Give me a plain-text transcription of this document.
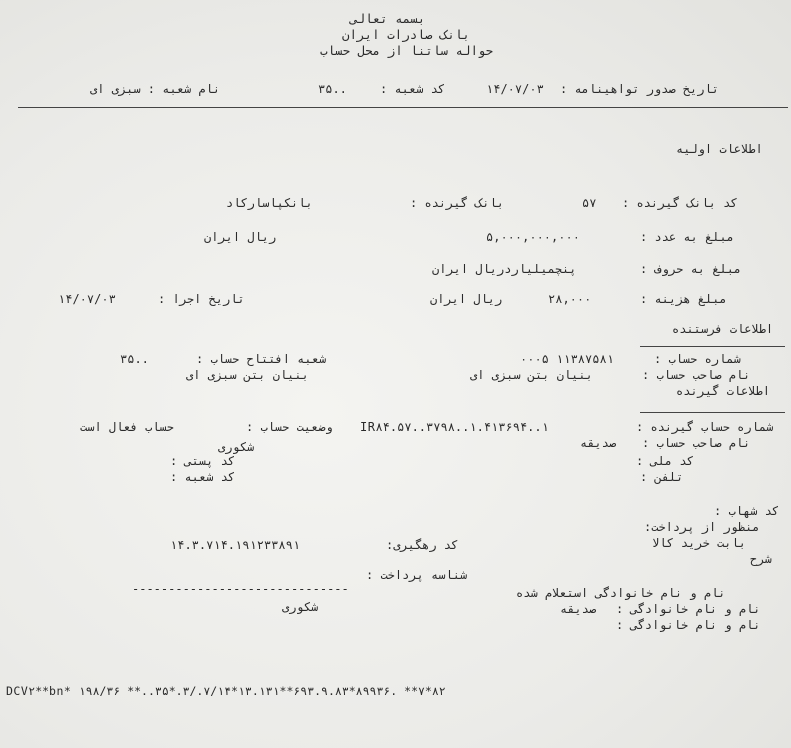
بسمه تعالی
بانک صادرات ایران
حواله ساتنا از محل حساب
تاریخ صدور تواهینامه :
۱۴/۰۷/۰۳
کد شعبه :
۳۵..
نام شعبه : سبزی ای
اطلاعات اولیه
کد بانک گیرنده :
۵۷
بانک گیرنده :
بانکپاسارکاد
مبلغ به عدد :
۵,۰۰۰,۰۰۰,۰۰۰
ریال ایران
مبلغ به حروف :
پنچمیلیاردریال ایران
مبلغ هزینه :
۲۸,۰۰۰
ریال ایران
تاریخ اجرا :
۱۴/۰۷/۰۳
اطلاعات فرستنده
شماره حساب :
۰۰۰۵ ۱۱۳۸۷۵۸۱
شعبه افتتاح حساب :
۳۵..
نام صاحب حساب :
بنیان بتن سبزی ای
بنیان بتن سبزی ای
اطلاعات گیرنده
شماره حساب گیرنده :
IR۸۴.۵۷..۳۷۹۸..۱.۴۱۳۶۹۴..۱
وضعیت حساب :
حساب فعال است
نام صاحب حساب :
صدیقه
شکوری
کد ملی :
کد پستی :
تلفن :
کد شعبه :
کد شهاب :
منظور از پرداخت:
بابت خرید کالا
شرح
کد رهگیری:
۱۴.۳.۷۱۴.۱۹۱۲۳۳۸۹۱
شناسه پرداخت :
------------------------------	نام و نام خانوادگی استعلام شده
شکوری	نام و نام خانوادگی :
صدیقه
نام و نام خانوادگی :
DCV۲**bn* ۱۹۸/۳۶ **..۳۵*.۳/.۷/۱۴*۱۳.۱۳۱**۶۹۳.۹.۸۳*۸۹۹۳۶. **۷*۸۲
